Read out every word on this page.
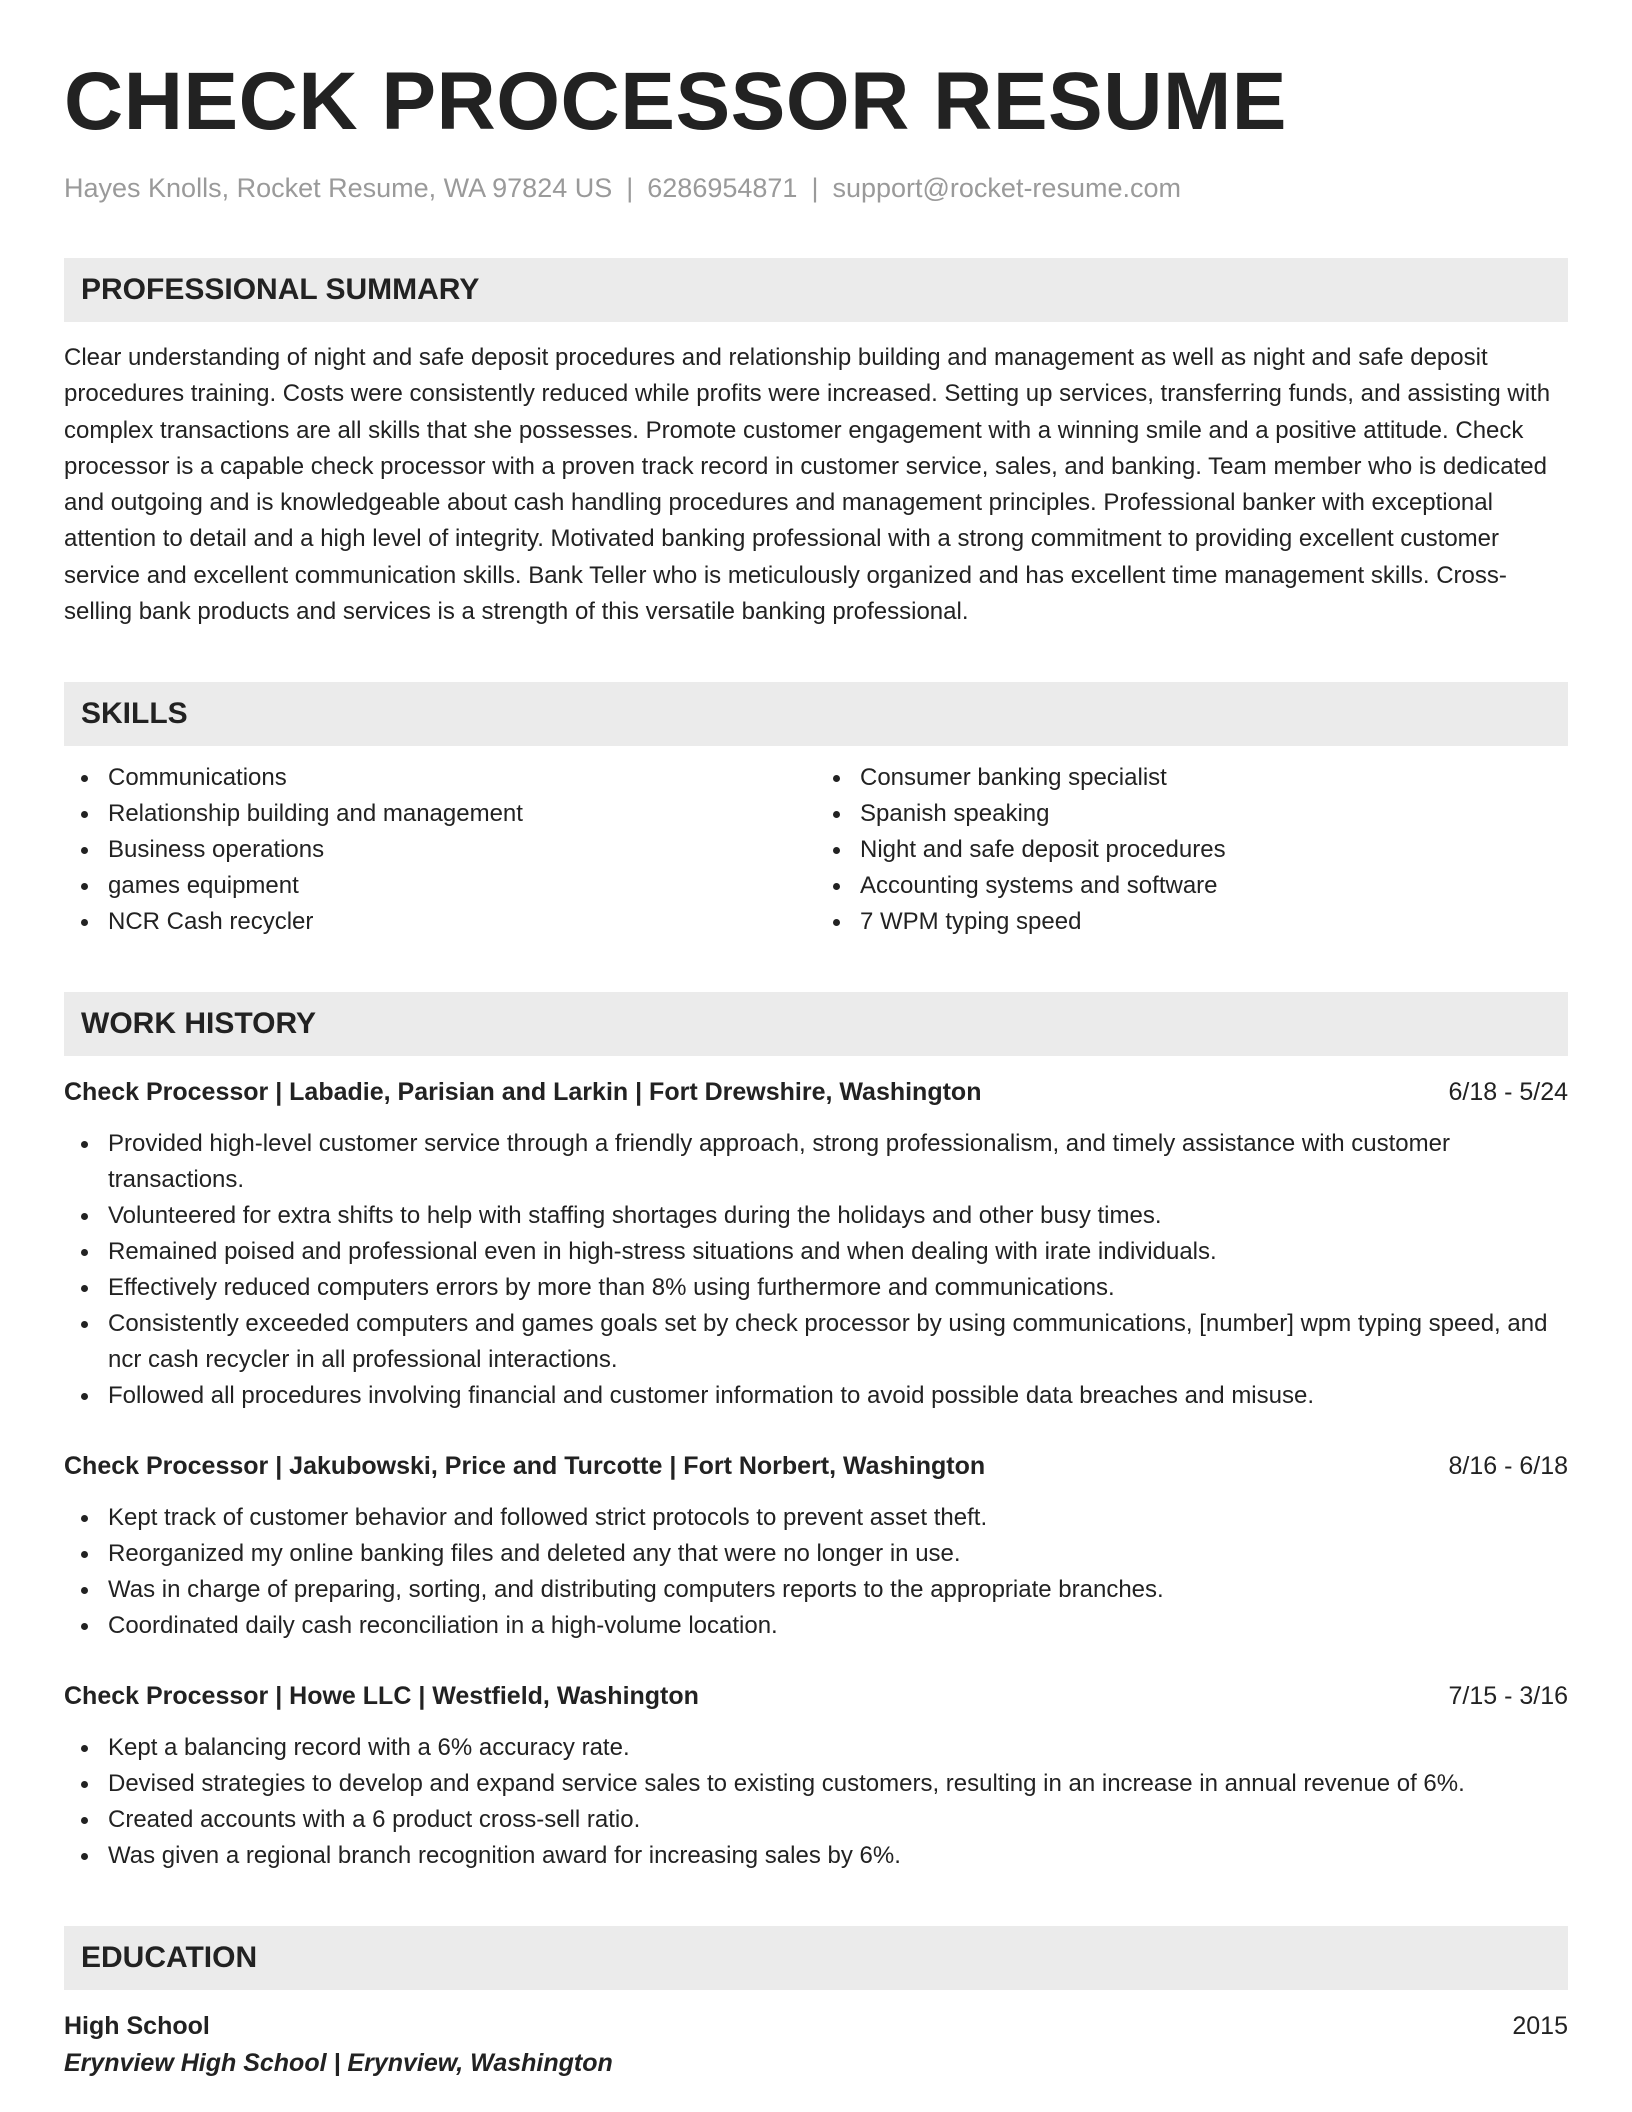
CHECK PROCESSOR RESUME
Hayes Knolls, Rocket Resume, WA 97824 US | 6286954871 | support@rocket-resume.com
PROFESSIONAL SUMMARY
Clear understanding of night and safe deposit procedures and relationship building and management as well as night and safe deposit procedures training. Costs were consistently reduced while profits were increased. Setting up services, transferring funds, and assisting with complex transactions are all skills that she possesses. Promote customer engagement with a winning smile and a positive attitude. Check processor is a capable check processor with a proven track record in customer service, sales, and banking. Team member who is dedicated and outgoing and is knowledgeable about cash handling procedures and management principles. Professional banker with exceptional attention to detail and a high level of integrity. Motivated banking professional with a strong commitment to providing excellent customer service and excellent communication skills. Bank Teller who is meticulously organized and has excellent time management skills. Cross-selling bank products and services is a strength of this versatile banking professional.
SKILLS
Communications
Relationship building and management
Business operations
games equipment
NCR Cash recycler
Consumer banking specialist
Spanish speaking
Night and safe deposit procedures
Accounting systems and software
7 WPM typing speed
WORK HISTORY
Check Processor | Labadie, Parisian and Larkin | Fort Drewshire, Washington	6/18 - 5/24
Provided high-level customer service through a friendly approach, strong professionalism, and timely assistance with customer transactions.
Volunteered for extra shifts to help with staffing shortages during the holidays and other busy times.
Remained poised and professional even in high-stress situations and when dealing with irate individuals.
Effectively reduced computers errors by more than 8% using furthermore and communications.
Consistently exceeded computers and games goals set by check processor by using communications, [number] wpm typing speed, and ncr cash recycler in all professional interactions.
Followed all procedures involving financial and customer information to avoid possible data breaches and misuse.
Check Processor | Jakubowski, Price and Turcotte | Fort Norbert, Washington	8/16 - 6/18
Kept track of customer behavior and followed strict protocols to prevent asset theft.
Reorganized my online banking files and deleted any that were no longer in use.
Was in charge of preparing, sorting, and distributing computers reports to the appropriate branches.
Coordinated daily cash reconciliation in a high-volume location.
Check Processor | Howe LLC | Westfield, Washington	7/15 - 3/16
Kept a balancing record with a 6% accuracy rate.
Devised strategies to develop and expand service sales to existing customers, resulting in an increase in annual revenue of 6%.
Created accounts with a 6 product cross-sell ratio.
Was given a regional branch recognition award for increasing sales by 6%.
EDUCATION
High School	2015
Erynview High School | Erynview, Washington
